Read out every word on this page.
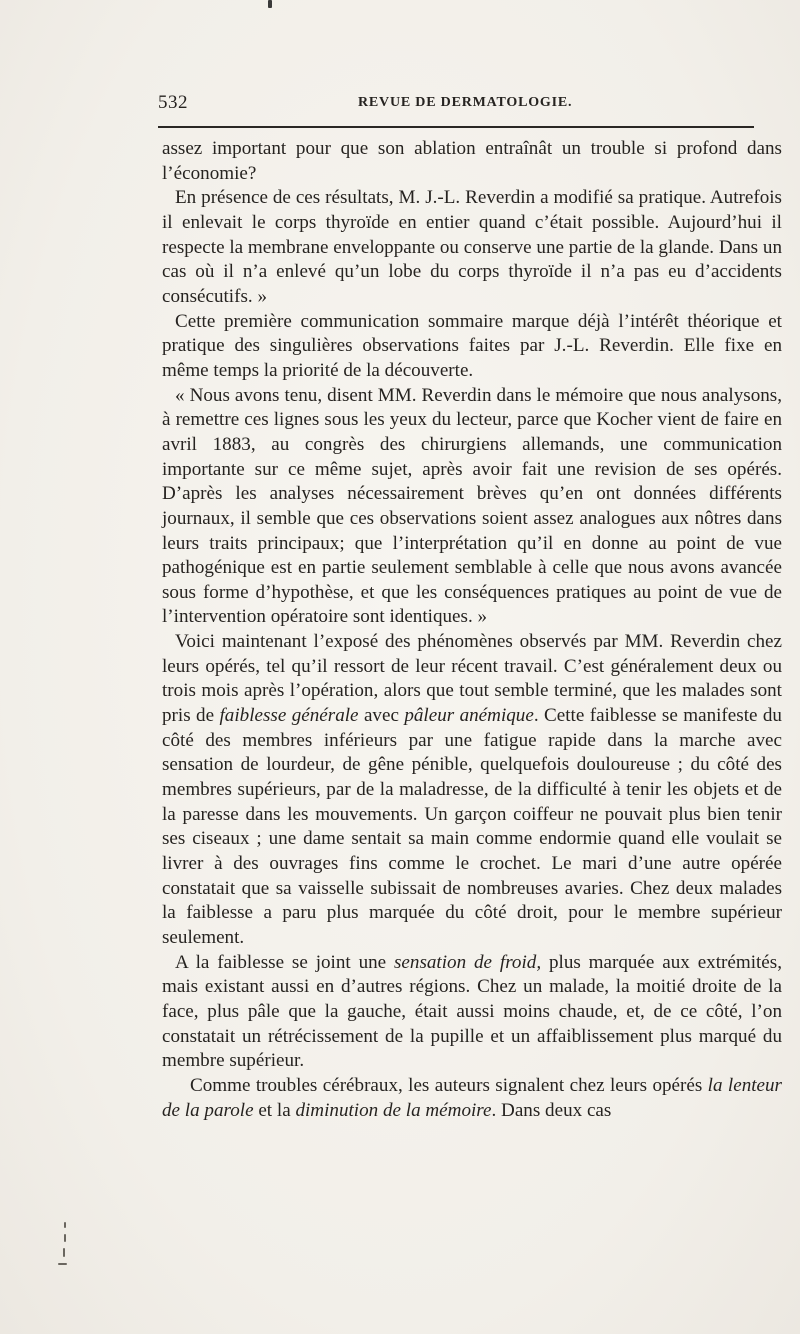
532	REVUE DE DERMATOLOGIE.

assez important pour que son ablation entraînât un trouble si profond dans l’économie?

En présence de ces résultats, M. J.-L. Reverdin a modifié sa pratique. Autrefois il enlevait le corps thyroïde en entier quand c’était possible. Aujourd’hui il respecte la membrane enveloppante ou conserve une partie de la glande. Dans un cas où il n’a enlevé qu’un lobe du corps thyroïde il n’a pas eu d’accidents consécutifs. »

Cette première communication sommaire marque déjà l’intérêt théorique et pratique des singulières observations faites par J.-L. Reverdin. Elle fixe en même temps la priorité de la découverte.

« Nous avons tenu, disent MM. Reverdin dans le mémoire que nous analysons, à remettre ces lignes sous les yeux du lecteur, parce que Kocher vient de faire en avril 1883, au congrès des chirurgiens allemands, une communication importante sur ce même sujet, après avoir fait une revision de ses opérés. D’après les analyses nécessairement brèves qu’en ont données différents journaux, il semble que ces observations soient assez analogues aux nôtres dans leurs traits principaux; que l’interprétation qu’il en donne au point de vue pathogénique est en partie seulement semblable à celle que nous avons avancée sous forme d’hypothèse, et que les conséquences pratiques au point de vue de l’intervention opératoire sont identiques. »

Voici maintenant l’exposé des phénomènes observés par MM. Reverdin chez leurs opérés, tel qu’il ressort de leur récent travail. C’est généralement deux ou trois mois après l’opération, alors que tout semble terminé, que les malades sont pris de faiblesse générale avec pâleur anémique. Cette faiblesse se manifeste du côté des membres inférieurs par une fatigue rapide dans la marche avec sensation de lourdeur, de gêne pénible, quelquefois douloureuse ; du côté des membres supérieurs, par de la maladresse, de la difficulté à tenir les objets et de la paresse dans les mouvements. Un garçon coiffeur ne pouvait plus bien tenir ses ciseaux ; une dame sentait sa main comme endormie quand elle voulait se livrer à des ouvrages fins comme le crochet. Le mari d’une autre opérée constatait que sa vaisselle subissait de nombreuses avaries. Chez deux malades la faiblesse a paru plus marquée du côté droit, pour le membre supérieur seulement.

A la faiblesse se joint une sensation de froid, plus marquée aux extrémités, mais existant aussi en d’autres régions. Chez un malade, la moitié droite de la face, plus pâle que la gauche, était aussi moins chaude, et, de ce côté, l’on constatait un rétrécissement de la pupille et un affaiblissement plus marqué du membre supérieur.

Comme troubles cérébraux, les auteurs signalent chez leurs opérés la lenteur de la parole et la diminution de la mémoire. Dans deux cas
